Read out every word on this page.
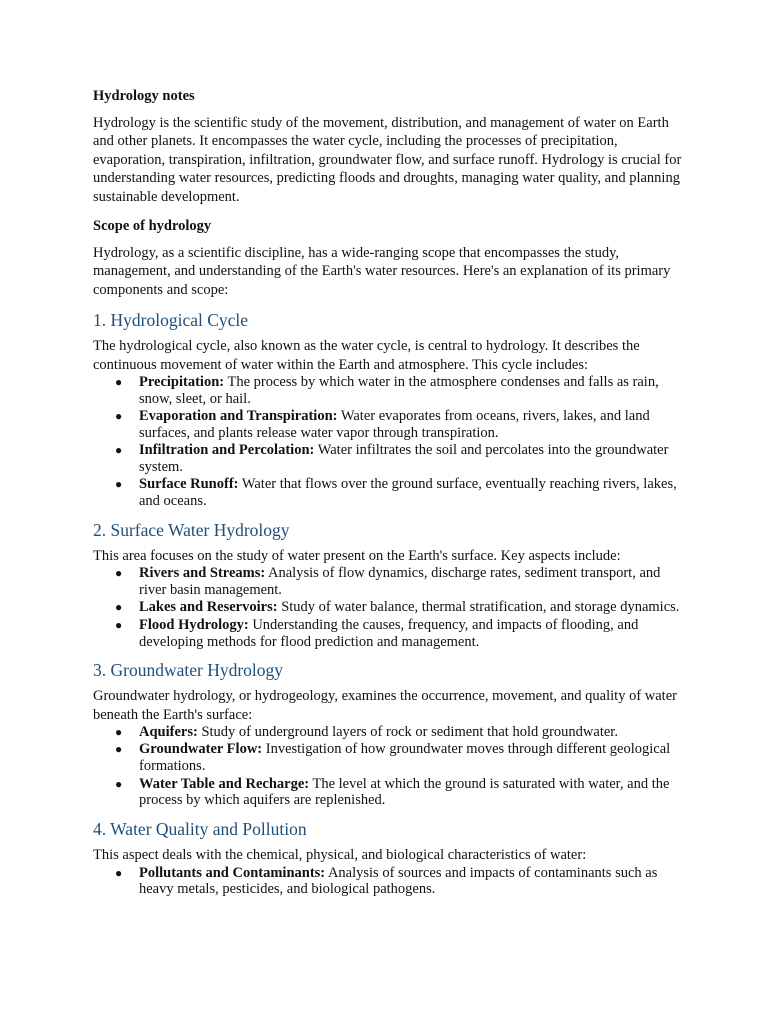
Hydrology notes

Hydrology is the scientific study of the movement, distribution, and management of water on Earth and other planets. It encompasses the water cycle, including the processes of precipitation, evaporation, transpiration, infiltration, groundwater flow, and surface runoff. Hydrology is crucial for understanding water resources, predicting floods and droughts, managing water quality, and planning sustainable development.

Scope of hydrology

Hydrology, as a scientific discipline, has a wide-ranging scope that encompasses the study, management, and understanding of the Earth's water resources. Here's an explanation of its primary components and scope:

1. Hydrological Cycle

The hydrological cycle, also known as the water cycle, is central to hydrology. It describes the continuous movement of water within the Earth and atmosphere. This cycle includes:

● Precipitation: The process by which water in the atmosphere condenses and falls as rain, snow, sleet, or hail.
● Evaporation and Transpiration: Water evaporates from oceans, rivers, lakes, and land surfaces, and plants release water vapor through transpiration.
● Infiltration and Percolation: Water infiltrates the soil and percolates into the groundwater system.
● Surface Runoff: Water that flows over the ground surface, eventually reaching rivers, lakes, and oceans.
2. Surface Water Hydrology

This area focuses on the study of water present on the Earth's surface. Key aspects include:

● Rivers and Streams: Analysis of flow dynamics, discharge rates, sediment transport, and river basin management.
● Lakes and Reservoirs: Study of water balance, thermal stratification, and storage dynamics.
● Flood Hydrology: Understanding the causes, frequency, and impacts of flooding, and developing methods for flood prediction and management.
3. Groundwater Hydrology

Groundwater hydrology, or hydrogeology, examines the occurrence, movement, and quality of water beneath the Earth's surface:

● Aquifers: Study of underground layers of rock or sediment that hold groundwater.
● Groundwater Flow: Investigation of how groundwater moves through different geological formations.
● Water Table and Recharge: The level at which the ground is saturated with water, and the process by which aquifers are replenished.
4. Water Quality and Pollution

This aspect deals with the chemical, physical, and biological characteristics of water:

● Pollutants and Contaminants: Analysis of sources and impacts of contaminants such as heavy metals, pesticides, and biological pathogens.
